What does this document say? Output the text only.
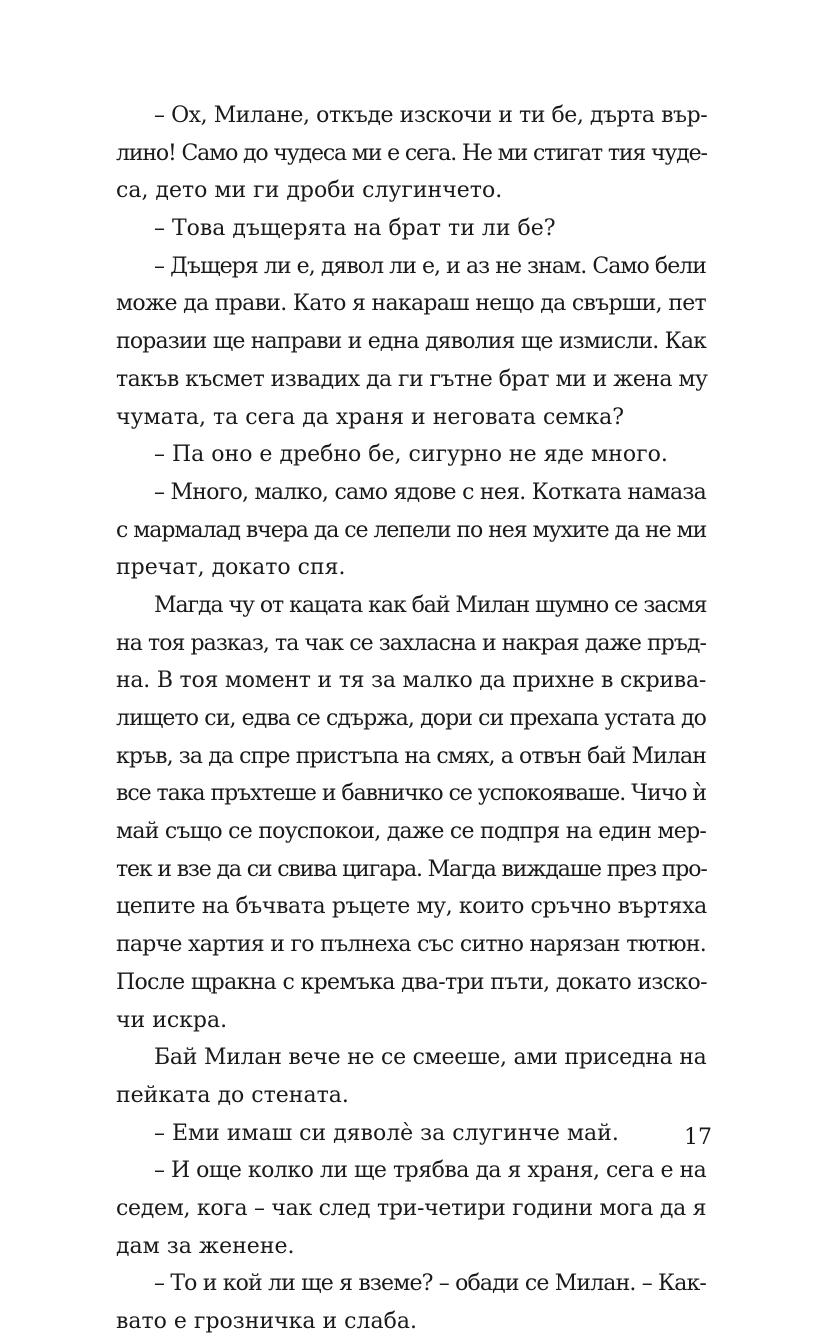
– Ох, Милане, откъде изскочи и ти бе, дърта вър-
лино! Само до чудеса ми е сега. Не ми стигат тия чуде-
са, дето ми ги дроби слугинчето.
– Това дъщерята на брат ти ли бе?
– Дъщеря ли е, дявол ли е, и аз не знам. Само бели
може да прави. Като я накараш нещо да свърши, пет
поразии ще направи и една дяволия ще измисли. Как
такъв късмет извадих да ги гътне брат ми и жена му
чумата, та сега да храня и неговата семка?
– Па оно е дребно бе, сигурно не яде много.
– Много, малко, само ядове с нея. Котката намаза
с мармалад вчера да се лепели по нея мухите да не ми
пречат, докато спя.
Магда чу от кацата как бай Милан шумно се засмя
на тоя разказ, та чак се захласна и накрая даже пръд-
на. В тоя момент и тя за малко да прихне в скрива-
лището си, едва се сдържа, дори си прехапа устата до
кръв, за да спре пристъпа на смях, а отвън бай Милан
все така пръхтеше и бавничко се успокояваше. Чичо ѝ
май също се поуспокои, даже се подпря на един мер-
тек и взе да си свива цигара. Магда виждаше през про-
цепите на бъчвата ръцете му, които сръчно въртяха
парче хартия и го пълнеха със ситно нарязан тютюн.
После щракна с кремъка два-три пъти, докато изско-
чи искра.
Бай Милан вече не се смееше, ами приседна на
пейката до стената.
– Еми имаш си дяволѐ за слугинче май.
– И още колко ли ще трябва да я храня, сега е на
седем, кога – чак след три-четири години мога да я
дам за женене.
– То и кой ли ще я вземе? – обади се Милан. – Как-
вато е грозничка и слаба.
17
